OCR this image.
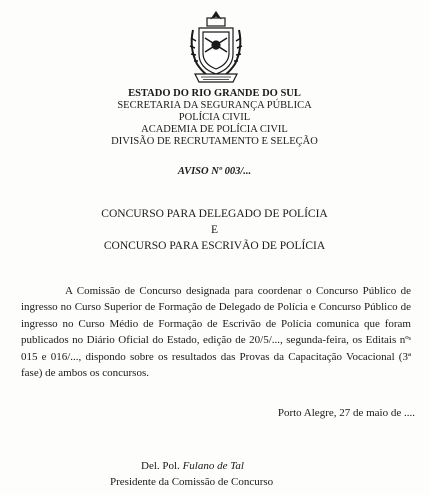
ESTADO DO RIO GRANDE DO SUL
SECRETARIA DA SEGURANÇA PÚBLICA
POLÍCIA CIVIL
ACADEMIA DE POLÍCIA CIVIL
DIVISÃO DE RECRUTAMENTO E SELEÇÃO
AVISO Nº 003/...
CONCURSO PARA DELEGADO DE POLÍCIA
E
CONCURSO PARA ESCRIVÃO DE POLÍCIA
A Comissão de Concurso designada para coordenar o Concurso Público de ingresso no Curso Superior de Formação de Delegado de Polícia e Concurso Público de ingresso no Curso Médio de Formação de Escrivão de Polícia comunica que foram publicados no Diário Oficial do Estado, edição de 20/5/..., segunda-feira, os Editais nºˢ 015 e 016/..., dispondo sobre os resultados das Provas da Capacitação Vocacional (3ª fase) de ambos os concursos.
Porto Alegre, 27 de maio de ....
Del. Pol. Fulano de Tal
Presidente da Comissão de Concurso
